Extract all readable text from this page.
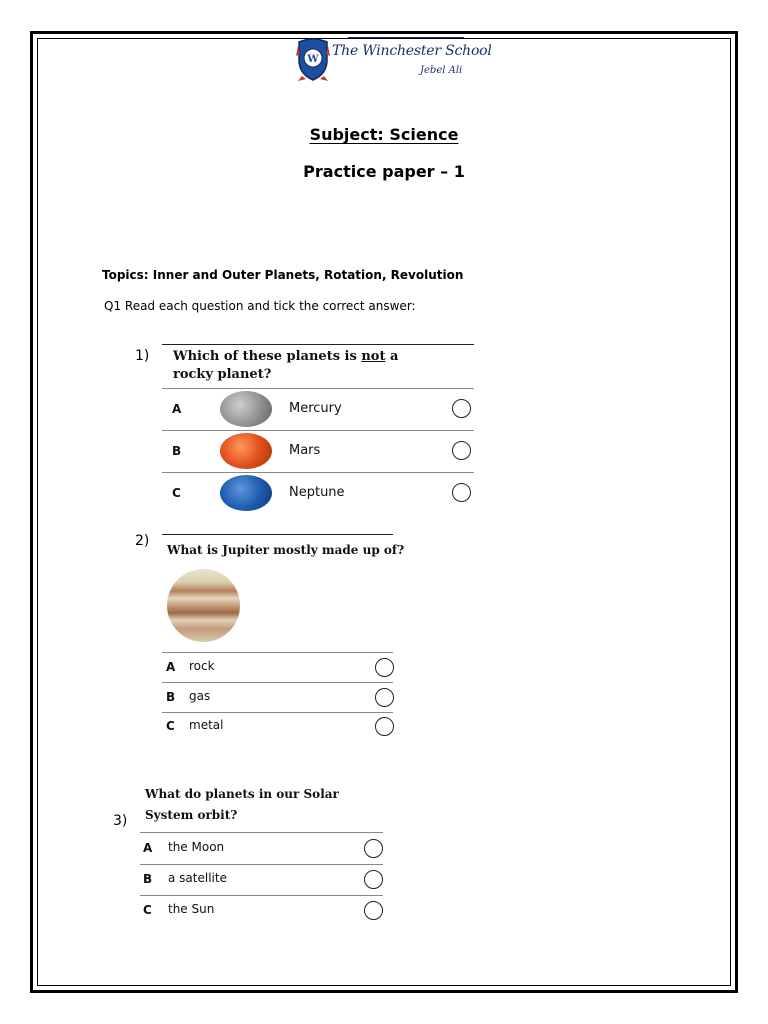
W
The Winchester School
Jebel Ali
Subject: Science
Practice paper – 1
Topics: Inner and Outer Planets, Rotation, Revolution
Q1 Read each question and tick the correct answer:
1) Which of these planets is not a
rocky planet?
A	Mercury
B	Mars
C	Neptune
2)
What is Jupiter mostly made up of?
A rock
B gas
C metal
What do planets in our Solar
System orbit?
3)
A the Moon
B a satellite
C the Sun
